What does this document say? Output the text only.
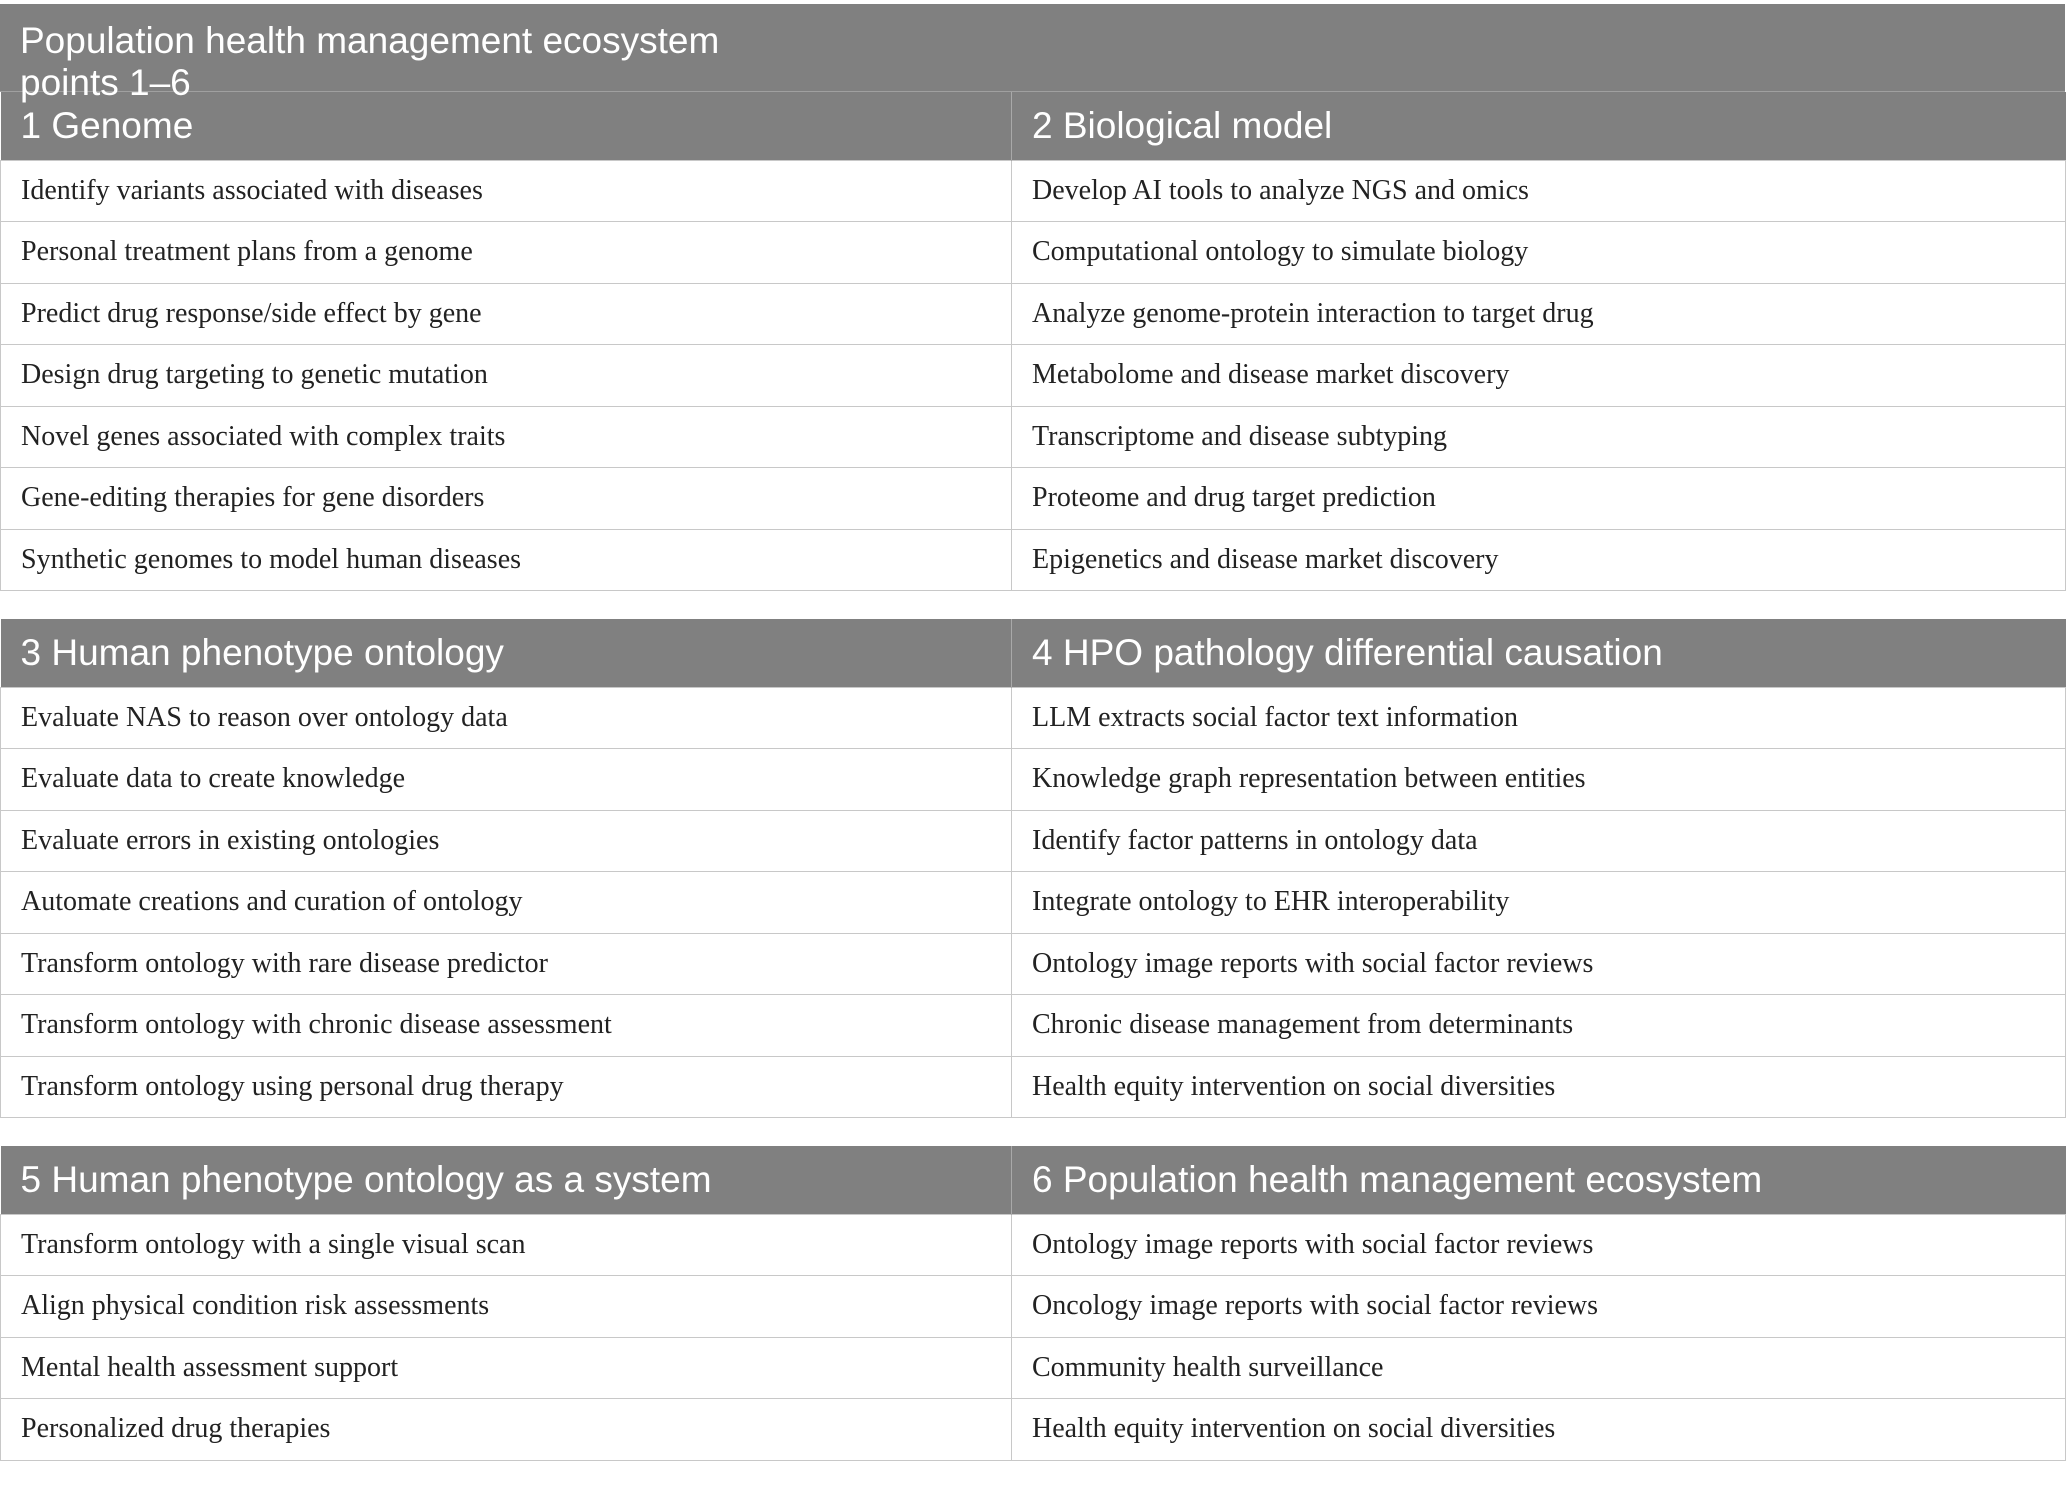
Population health management ecosystem
points 1–6
1 Genome	2 Biological model
Identify variants associated with diseases	Develop AI tools to analyze NGS and omics
Personal treatment plans from a genome	Computational ontology to simulate biology
Predict drug response/side effect by gene	Analyze genome-protein interaction to target drug
Design drug targeting to genetic mutation	Metabolome and disease market discovery
Novel genes associated with complex traits	Transcriptome and disease subtyping
Gene-editing therapies for gene disorders	Proteome and drug target prediction
Synthetic genomes to model human diseases	Epigenetics and disease market discovery
3 Human phenotype ontology	4 HPO pathology differential causation
Evaluate NAS to reason over ontology data	LLM extracts social factor text information
Evaluate data to create knowledge	Knowledge graph representation between entities
Evaluate errors in existing ontologies	Identify factor patterns in ontology data
Automate creations and curation of ontology	Integrate ontology to EHR interoperability
Transform ontology with rare disease predictor	Ontology image reports with social factor reviews
Transform ontology with chronic disease assessment	Chronic disease management from determinants
Transform ontology using personal drug therapy	Health equity intervention on social diversities
5 Human phenotype ontology as a system	6 Population health management ecosystem
Transform ontology with a single visual scan	Ontology image reports with social factor reviews
Align physical condition risk assessments	Oncology image reports with social factor reviews
Mental health assessment support	Community health surveillance
Personalized drug therapies	Health equity intervention on social diversities
